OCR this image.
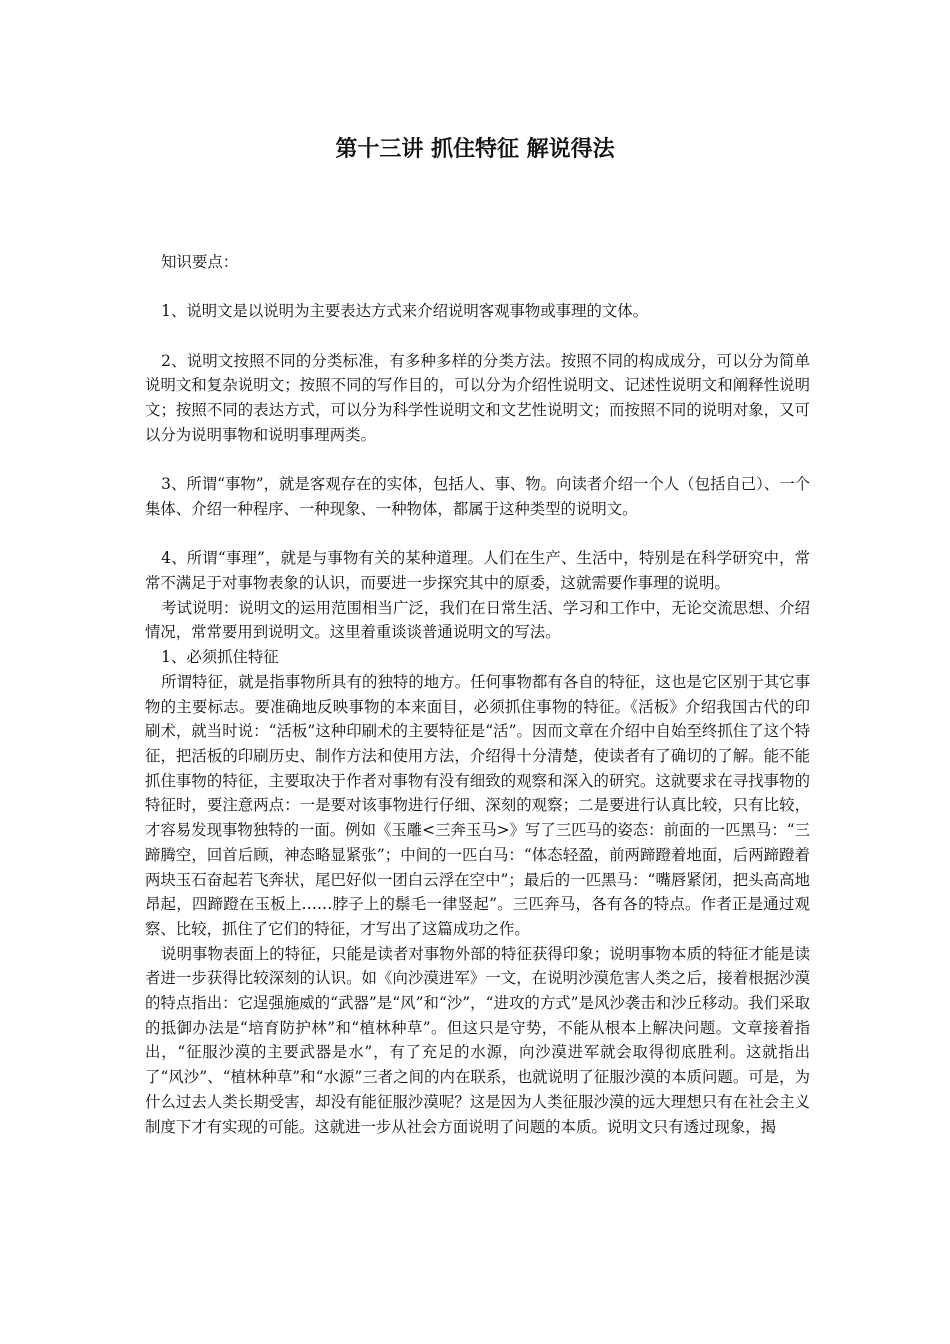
第十三讲 抓住特征 解说得法

知识要点：

1、说明文是以说明为主要表达方式来介绍说明客观事物或事理的文体。

2、说明文按照不同的分类标准，有多种多样的分类方法。按照不同的构成成分，可以分为简单说明文和复杂说明文；按照不同的写作目的，可以分为介绍性说明文、记述性说明文和阐释性说明文；按照不同的表达方式，可以分为科学性说明文和文艺性说明文；而按照不同的说明对象，又可以分为说明事物和说明事理两类。

3、所谓“事物”，就是客观存在的实体，包括人、事、物。向读者介绍一个人（包括自己）、一个集体、介绍一种程序、一种现象、一种物体，都属于这种类型的说明文。

4、所谓“事理”，就是与事物有关的某种道理。人们在生产、生活中，特别是在科学研究中，常常不满足于对事物表象的认识，而要进一步探究其中的原委，这就需要作事理的说明。

考试说明：说明文的运用范围相当广泛，我们在日常生活、学习和工作中，无论交流思想、介绍情况，常常要用到说明文。这里着重谈谈普通说明文的写法。

1、必须抓住特征

所谓特征，就是指事物所具有的独特的地方。任何事物都有各自的特征，这也是它区别于其它事物的主要标志。要准确地反映事物的本来面目，必须抓住事物的特征。《活板》介绍我国古代的印刷术，就当时说：“活板”这种印刷术的主要特征是“活”。因而文章在介绍中自始至终抓住了这个特征，把活板的印刷历史、制作方法和使用方法，介绍得十分清楚，使读者有了确切的了解。能不能抓住事物的特征，主要取决于作者对事物有没有细致的观察和深入的研究。这就要求在寻找事物的特征时，要注意两点：一是要对该事物进行仔细、深刻的观察；二是要进行认真比较，只有比较，才容易发现事物独特的一面。例如《玉雕<三奔玉马>》写了三匹马的姿态：前面的一匹黑马：“三蹄腾空，回首后顾，神态略显紧张”；中间的一匹白马：“体态轻盈，前两蹄蹬着地面，后两蹄蹬着两块玉石奋起若飞奔状，尾巴好似一团白云浮在空中”；最后的一匹黑马：“嘴唇紧闭，把头高高地昂起，四蹄蹬在玉板上……脖子上的鬃毛一律竖起”。三匹奔马，各有各的特点。作者正是通过观察、比较，抓住了它们的特征，才写出了这篇成功之作。

说明事物表面上的特征，只能是读者对事物外部的特征获得印象；说明事物本质的特征才能是读者进一步获得比较深刻的认识。如《向沙漠进军》一文，在说明沙漠危害人类之后，接着根据沙漠的特点指出：它逞强施威的“武器”是“风”和“沙”，“进攻的方式”是风沙袭击和沙丘移动。我们采取的抵御办法是“培育防护林”和“植林种草”。但这只是守势，不能从根本上解决问题。文章接着指出，“征服沙漠的主要武器是水”，有了充足的水源，向沙漠进军就会取得彻底胜利。这就指出了“风沙”、“植林种草”和“水源”三者之间的内在联系，也就说明了征服沙漠的本质问题。可是，为什么过去人类长期受害，却没有能征服沙漠呢？这是因为人类征服沙漠的远大理想只有在社会主义制度下才有实现的可能。这就进一步从社会方面说明了问题的本质。说明文只有透过现象，揭
